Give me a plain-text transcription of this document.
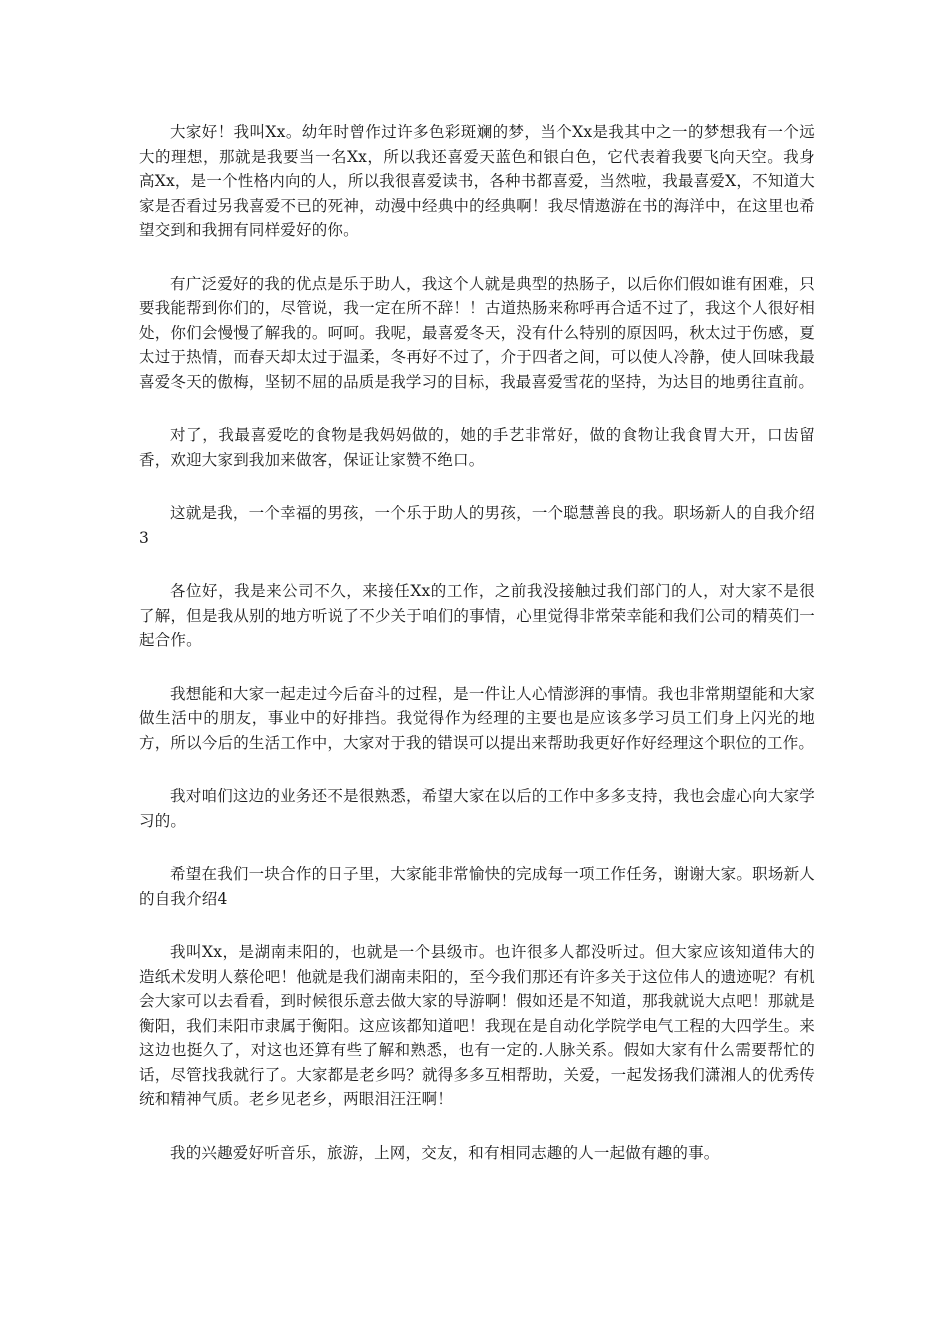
大家好！我叫Xx。幼年时曾作过许多色彩斑斓的梦，当个Xx是我其中之一的梦想我有一个远大的理想，那就是我要当一名Xx，所以我还喜爱天蓝色和银白色，它代表着我要飞向天空。我身高Xx，是一个性格内向的人，所以我很喜爱读书，各种书都喜爱，当然啦，我最喜爱X，不知道大家是否看过另我喜爱不已的死神，动漫中经典中的经典啊！我尽情遨游在书的海洋中，在这里也希望交到和我拥有同样爱好的你。

有广泛爱好的我的优点是乐于助人，我这个人就是典型的热肠子，以后你们假如谁有困难，只要我能帮到你们的，尽管说，我一定在所不辞！！古道热肠来称呼再合适不过了，我这个人很好相处，你们会慢慢了解我的。呵呵。我呢，最喜爱冬天，没有什么特别的原因吗，秋太过于伤感，夏太过于热情，而春天却太过于温柔，冬再好不过了，介于四者之间，可以使人冷静，使人回味我最喜爱冬天的傲梅，坚韧不屈的品质是我学习的目标，我最喜爱雪花的坚持，为达目的地勇往直前。

对了，我最喜爱吃的食物是我妈妈做的，她的手艺非常好，做的食物让我食胃大开，口齿留香，欢迎大家到我加来做客，保证让家赞不绝口。

这就是我，一个幸福的男孩，一个乐于助人的男孩，一个聪慧善良的我。职场新人的自我介绍3

各位好，我是来公司不久，来接任Xx的工作，之前我没接触过我们部门的人，对大家不是很了解，但是我从别的地方听说了不少关于咱们的事情，心里觉得非常荣幸能和我们公司的精英们一起合作。

我想能和大家一起走过今后奋斗的过程，是一件让人心情澎湃的事情。我也非常期望能和大家做生活中的朋友，事业中的好排挡。我觉得作为经理的主要也是应该多学习员工们身上闪光的地方，所以今后的生活工作中，大家对于我的错误可以提出来帮助我更好作好经理这个职位的工作。

我对咱们这边的业务还不是很熟悉，希望大家在以后的工作中多多支持，我也会虚心向大家学习的。

希望在我们一块合作的日子里，大家能非常愉快的完成每一项工作任务，谢谢大家。职场新人的自我介绍4

我叫Xx，是湖南耒阳的，也就是一个县级市。也许很多人都没听过。但大家应该知道伟大的造纸术发明人蔡伦吧！他就是我们湖南耒阳的，至今我们那还有许多关于这位伟人的遗迹呢？有机会大家可以去看看，到时候很乐意去做大家的导游啊！假如还是不知道，那我就说大点吧！那就是衡阳，我们耒阳市隶属于衡阳。这应该都知道吧！我现在是自动化学院学电气工程的大四学生。来这边也挺久了，对这也还算有些了解和熟悉，也有一定的.人脉关系。假如大家有什么需要帮忙的话，尽管找我就行了。大家都是老乡吗？就得多多互相帮助，关爱，一起发扬我们潇湘人的优秀传统和精神气质。老乡见老乡，两眼泪汪汪啊！

我的兴趣爱好听音乐，旅游，上网，交友，和有相同志趣的人一起做有趣的事。
